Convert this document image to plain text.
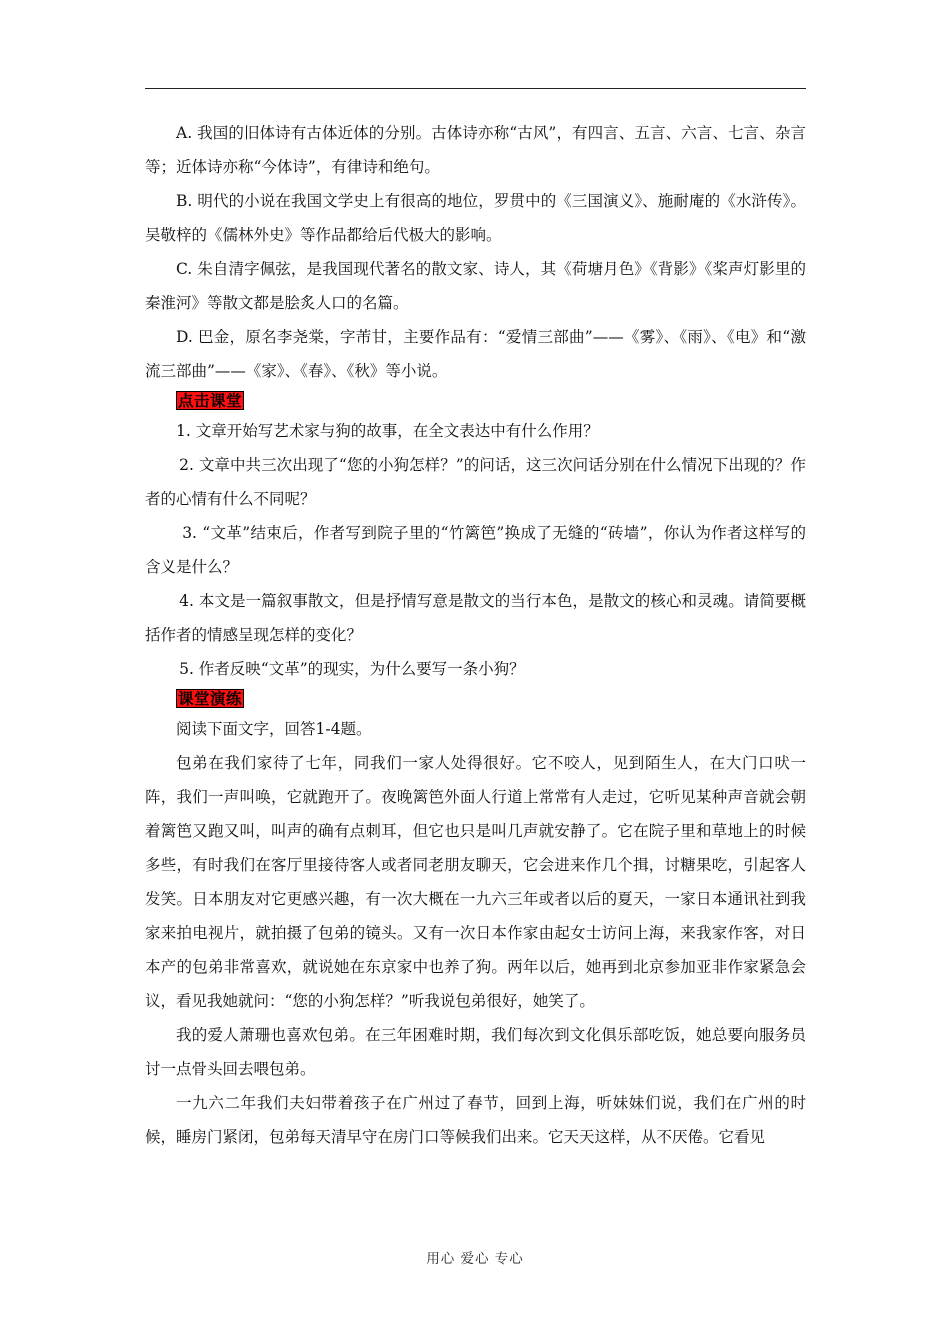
A. 我国的旧体诗有古体近体的分别。古体诗亦称“古风”，有四言、五言、六言、七言、杂言等；近体诗亦称“今体诗”，有律诗和绝句。

B. 明代的小说在我国文学史上有很高的地位，罗贯中的《三国演义》、施耐庵的《水浒传》。吴敬梓的《儒林外史》等作品都给后代极大的影响。

C. 朱自清字佩弦，是我国现代著名的散文家、诗人，其《荷塘月色》《背影》《桨声灯影里的秦淮河》等散文都是脍炙人口的名篇。

D. 巴金，原名李尧棠，字芾甘，主要作品有：“爱情三部曲”——《雾》、《雨》、《电》和“激流三部曲”——《家》、《春》、《秋》等小说。

点击课堂

1. 文章开始写艺术家与狗的故事，在全文表达中有什么作用？

2. 文章中共三次出现了“您的小狗怎样？”的问话，这三次问话分别在什么情况下出现的？作者的心情有什么不同呢？

3. “文革”结束后，作者写到院子里的“竹篱笆”换成了无缝的“砖墙”，你认为作者这样写的含义是什么？

4. 本文是一篇叙事散文，但是抒情写意是散文的当行本色，是散文的核心和灵魂。请简要概括作者的情感呈现怎样的变化？

5. 作者反映“文革”的现实，为什么要写一条小狗？

课堂演练

阅读下面文字，回答1-4题。

包弟在我们家待了七年，同我们一家人处得很好。它不咬人，见到陌生人，在大门口吠一阵，我们一声叫唤，它就跑开了。夜晚篱笆外面人行道上常常有人走过，它听见某种声音就会朝着篱笆又跑又叫，叫声的确有点刺耳，但它也只是叫几声就安静了。它在院子里和草地上的时候多些，有时我们在客厅里接待客人或者同老朋友聊天，它会进来作几个揖，讨糖果吃，引起客人发笑。日本朋友对它更感兴趣，有一次大概在一九六三年或者以后的夏天，一家日本通讯社到我家来拍电视片，就拍摄了包弟的镜头。又有一次日本作家由起女士访问上海，来我家作客，对日本产的包弟非常喜欢，就说她在东京家中也养了狗。两年以后，她再到北京参加亚非作家紧急会议，看见我她就问：“您的小狗怎样？”听我说包弟很好，她笑了。

我的爱人萧珊也喜欢包弟。在三年困难时期，我们每次到文化俱乐部吃饭，她总要向服务员讨一点骨头回去喂包弟。

一九六二年我们夫妇带着孩子在广州过了春节，回到上海，听妹妹们说，我们在广州的时候，睡房门紧闭，包弟每天清早守在房门口等候我们出来。它天天这样，从不厌倦。它看见

用心 爱心 专心
